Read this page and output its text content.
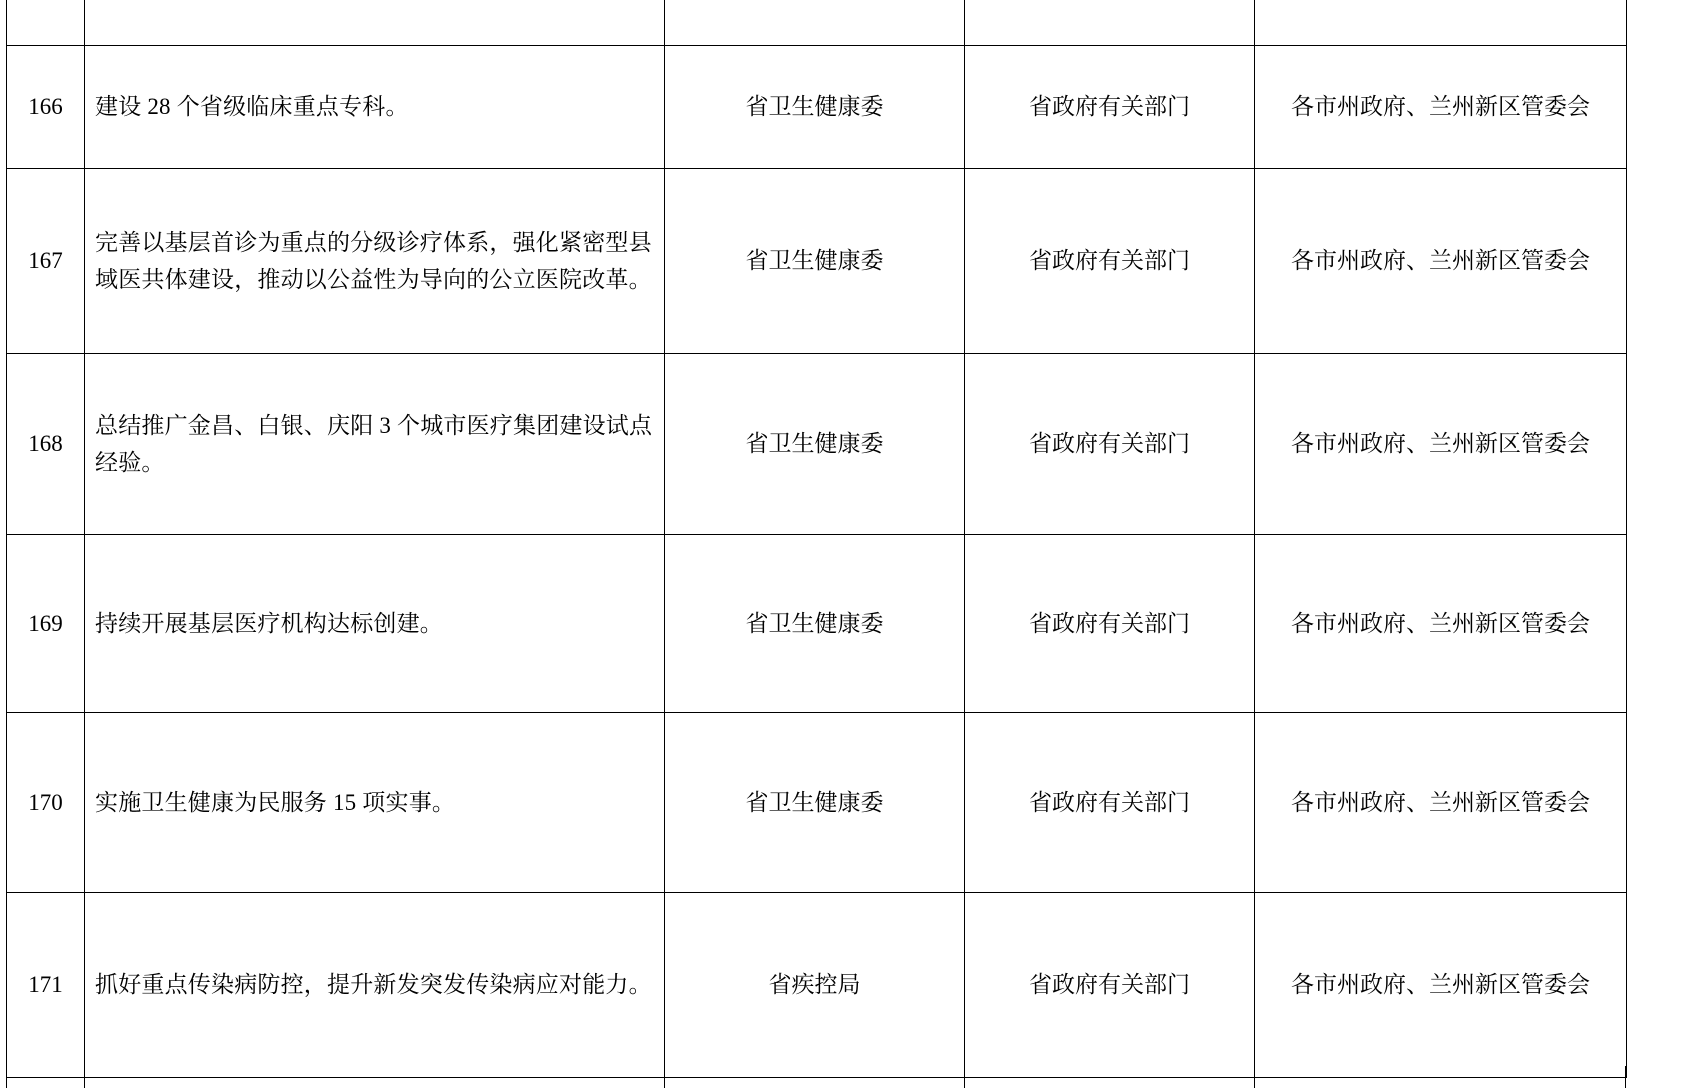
166	建设 28 个省级临床重点专科。	省卫生健康委	省政府有关部门	各市州政府、兰州新区管委会
167	完善以基层首诊为重点的分级诊疗体系，强化紧密型县域医共体建设，推动以公益性为导向的公立医院改革。	省卫生健康委	省政府有关部门	各市州政府、兰州新区管委会
168	总结推广金昌、白银、庆阳 3 个城市医疗集团建设试点经验。	省卫生健康委	省政府有关部门	各市州政府、兰州新区管委会
169	持续开展基层医疗机构达标创建。	省卫生健康委	省政府有关部门	各市州政府、兰州新区管委会
170	实施卫生健康为民服务 15 项实事。	省卫生健康委	省政府有关部门	各市州政府、兰州新区管委会
171	抓好重点传染病防控，提升新发突发传染病应对能力。	省疾控局	省政府有关部门	各市州政府、兰州新区管委会
